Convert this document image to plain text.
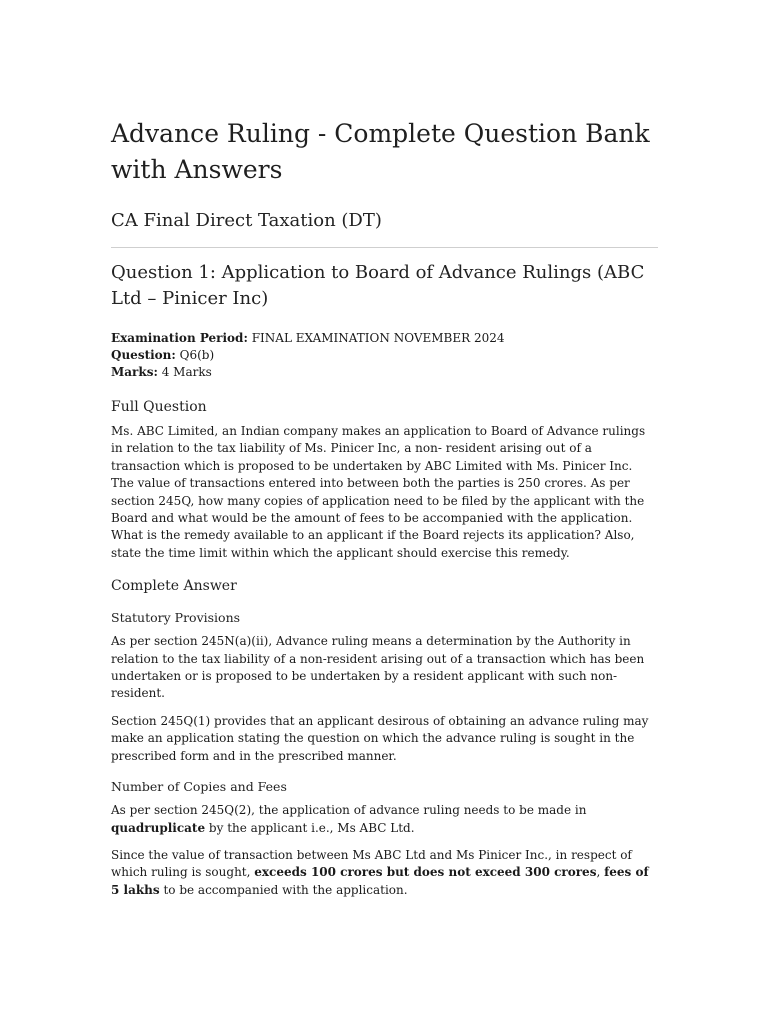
Advance Ruling - Complete Question Bank with Answers
CA Final Direct Taxation (DT)
Question 1: Application to Board of Advance Rulings (ABC Ltd – Pinicer Inc)
Examination Period: FINAL EXAMINATION NOVEMBER 2024
Question: Q6(b)
Marks: 4 Marks
Full Question

Ms. ABC Limited, an Indian company makes an application to Board of Advance rulings in relation to the tax liability of Ms. Pinicer Inc, a non- resident arising out of a transaction which is proposed to be undertaken by ABC Limited with Ms. Pinicer Inc. The value of transactions entered into between both the parties is 250 crores. As per section 245Q, how many copies of application need to be filed by the applicant with the Board and what would be the amount of fees to be accompanied with the application. What is the remedy available to an applicant if the Board rejects its application? Also, state the time limit within which the applicant should exercise this remedy.

Complete Answer
Statutory Provisions

As per section 245N(a)(ii), Advance ruling means a determination by the Authority in relation to the tax liability of a non-resident arising out of a transaction which has been undertaken or is proposed to be undertaken by a resident applicant with such non-resident.

Section 245Q(1) provides that an applicant desirous of obtaining an advance ruling may make an application stating the question on which the advance ruling is sought in the prescribed form and in the prescribed manner.

Number of Copies and Fees

As per section 245Q(2), the application of advance ruling needs to be made in quadruplicate by the applicant i.e., Ms ABC Ltd.

Since the value of transaction between Ms ABC Ltd and Ms Pinicer Inc., in respect of which ruling is sought, exceeds 100 crores but does not exceed 300 crores, fees of 5 lakhs to be accompanied with the application.
